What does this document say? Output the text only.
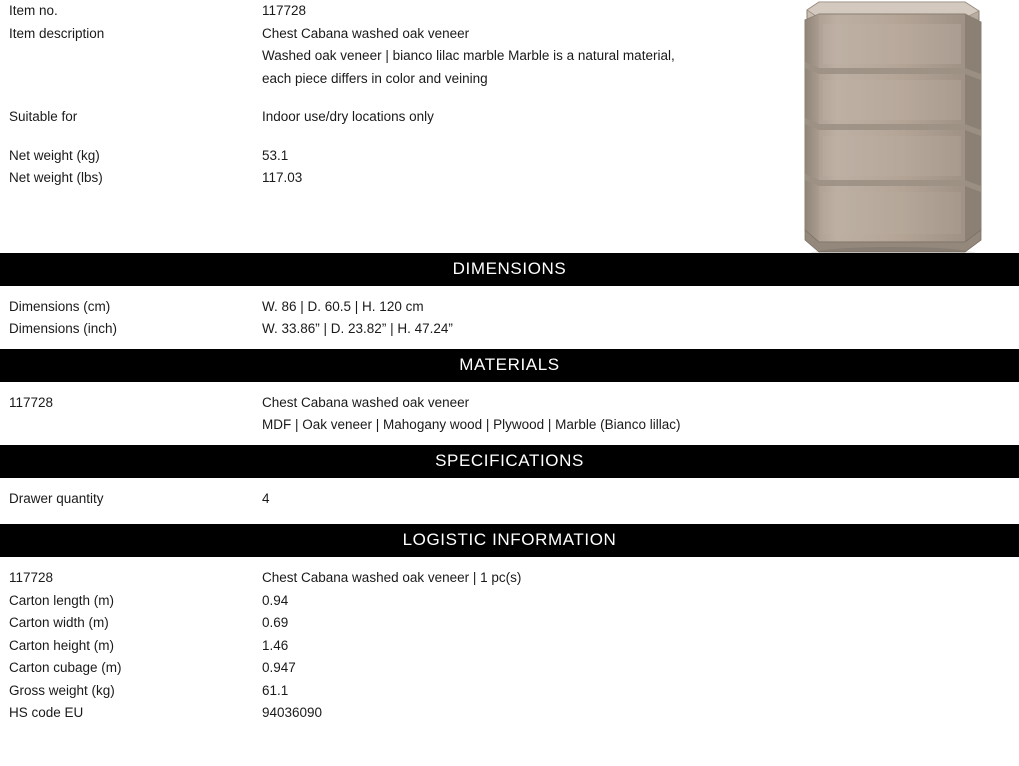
Item no.	117728
Item description	Chest Cabana washed oak veneer
Washed oak veneer | bianco lilac marble Marble is a natural material,
each piece differs in color and veining
Suitable for	Indoor use/dry locations only
Net weight (kg)	53.1
Net weight (lbs)	117.03
DIMENSIONS
Dimensions (cm)	W. 86 | D. 60.5 | H. 120 cm
Dimensions (inch)	W. 33.86” | D. 23.82” | H. 47.24”
MATERIALS
117728	Chest Cabana washed oak veneer
MDF | Oak veneer | Mahogany wood | Plywood | Marble (Bianco lillac)
SPECIFICATIONS
Drawer quantity	4
LOGISTIC INFORMATION
117728	Chest Cabana washed oak veneer | 1 pc(s)
Carton length (m)	0.94
Carton width (m)	0.69
Carton height (m)	1.46
Carton cubage (m)	0.947
Gross weight (kg)	61.1
HS code EU	94036090
